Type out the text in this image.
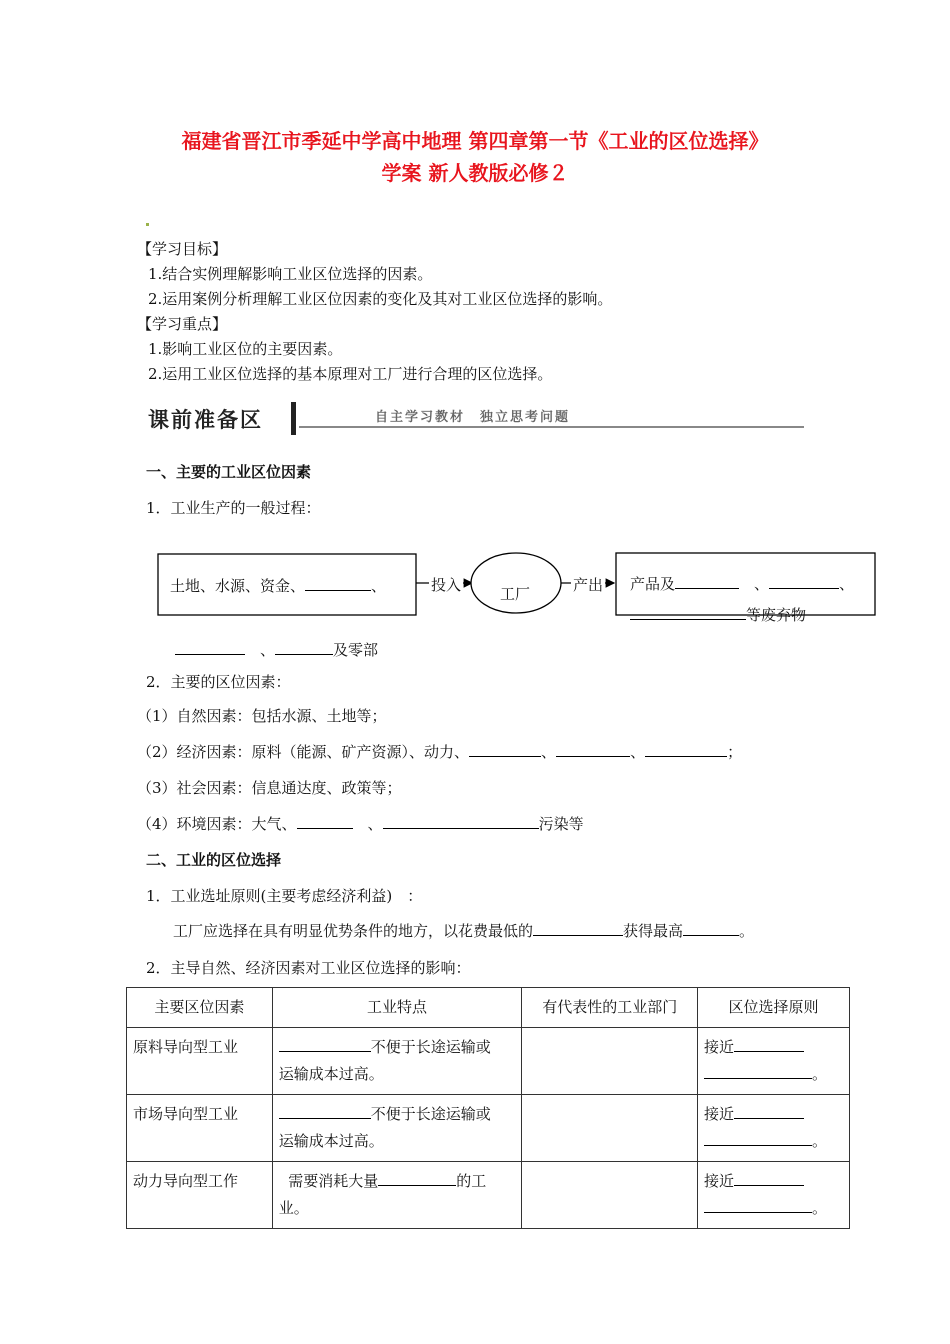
福建省晋江市季延中学高中地理 第四章第一节《工业的区位选择》
学案 新人教版必修２
【学习目标】
1.结合实例理解影响工业区位选择的因素。
2.运用案例分析理解工业区位因素的变化及其对工业区位选择的影响。
【学习重点】
1.影响工业区位的主要因素。
2.运用工业区位选择的基本原理对工厂进行合理的区位选择。
课前准备区	自主学习教材　独立思考问题
一、主要的工业区位因素
1．工业生产的一般过程：
土地、水源、资金、	、	投入	工厂	产出 产品及	　、	、
等废弃物
　、	及零部
2．主要的区位因素：
（1）自然因素：包括水源、土地等；
（2）经济因素：原料（能源、矿产资源）、动力、	、	、	；
（3）社会因素：信息通达度、政策等；
（4）环境因素：大气、	　、	污染等
二、工业的区位选择
1．工业选址原则(主要考虑经济利益)　：
工厂应选择在具有明显优势条件的地方，以花费最低的	获得最高	。
2．主导自然、经济因素对工业区位选择的影响：
主要区位因素	工业特点	有代表性的工业部门	区位选择原则
原料导向型工业	不便于长途运输或
运输成本过高。		接近
。
市场导向型工业	不便于长途运输或
运输成本过高。		接近
。
动力导向型工作	需要消耗大量 的工
业。		接近
。
